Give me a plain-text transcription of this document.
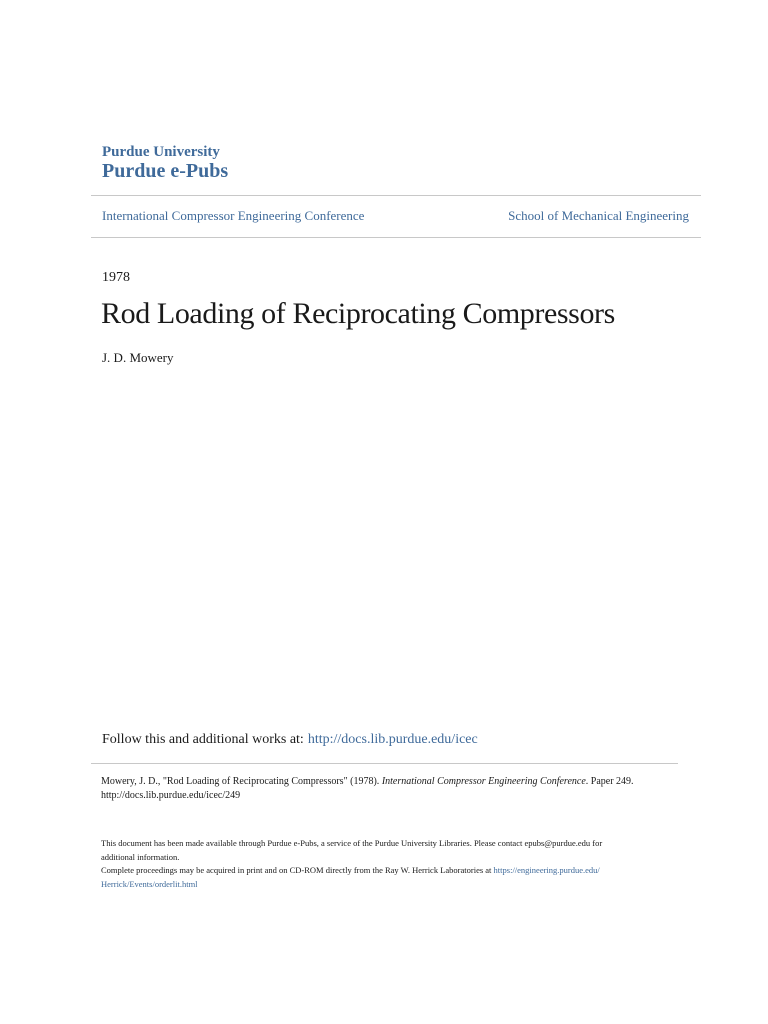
Purdue University
Purdue e-Pubs
International Compressor Engineering Conference	School of Mechanical Engineering
1978
Rod Loading of Reciprocating Compressors
J. D. Mowery
Follow this and additional works at: http://docs.lib.purdue.edu/icec
Mowery, J. D., "Rod Loading of Reciprocating Compressors" (1978). International Compressor Engineering Conference. Paper 249.
http://docs.lib.purdue.edu/icec/249
This document has been made available through Purdue e-Pubs, a service of the Purdue University Libraries. Please contact epubs@purdue.edu for
additional information.
Complete proceedings may be acquired in print and on CD-ROM directly from the Ray W. Herrick Laboratories at https://engineering.purdue.edu/
Herrick/Events/orderlit.html
